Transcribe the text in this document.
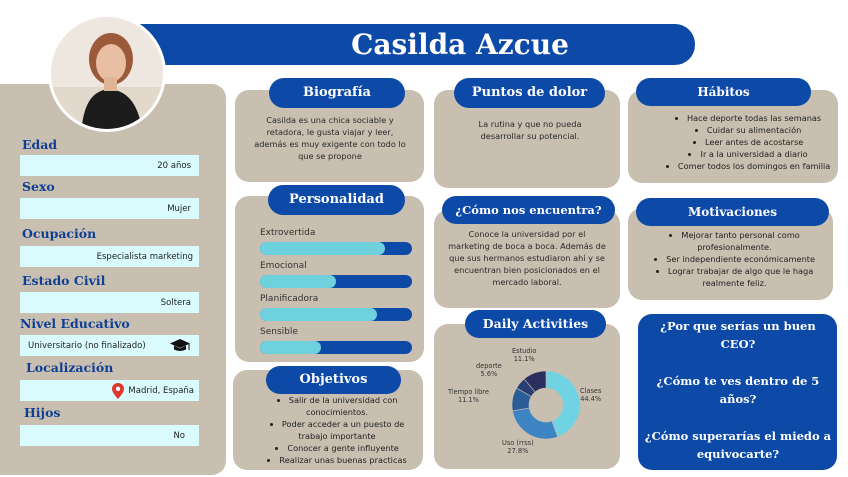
Casilda Azcue
Edad
20 años
Sexo
Mujer
Ocupación
Especialista marketing
Estado Civil
Soltera
Nivel Educativo
Universitario (no finalizado)
Localización
Madrid, España
Hijos
No
Biografía
Casilda es una chica sociable y retadora, le gusta viajar y leer, además es muy exigente con todo lo que se propone
Puntos de dolor
La rutina y que no pueda desarrollar su potencial.
Hábitos
• Hace deporte todas las semanas
• Cuidar su alimentación
• Leer antes de acostarse
• Ir a la universidad a diario
• Comer todos los domingos en familia
Personalidad
Extrovertida
Emocional
Planificadora
Sensible
¿Cómo nos encuentra?
Conoce la universidad por el marketing de boca a boca. Además de que sus hermanos estudiaron ahí y se encuentran bien posicionados en el mercado laboral.
Motivaciones
• Mejorar tanto personal como profesionalmente.
• Ser independiente económicamente
• Lograr trabajar de algo que le haga realmente feliz.
Objetivos
• Salir de la universidad con conocimientos.
• Poder acceder a un puesto de trabajo importante
• Conocer a gente influyente
• Realizar unas buenas practicas
Daily Activities
Clases
44.4%
Uso (rrss)
27.8%
Tiempo libre
11.1%
deporte
5.6%
Estudio
11.1%
¿Por que serías un buen CEO?
¿Cómo te ves dentro de 5 años?
¿Cómo superarías el miedo a equivocarte?
